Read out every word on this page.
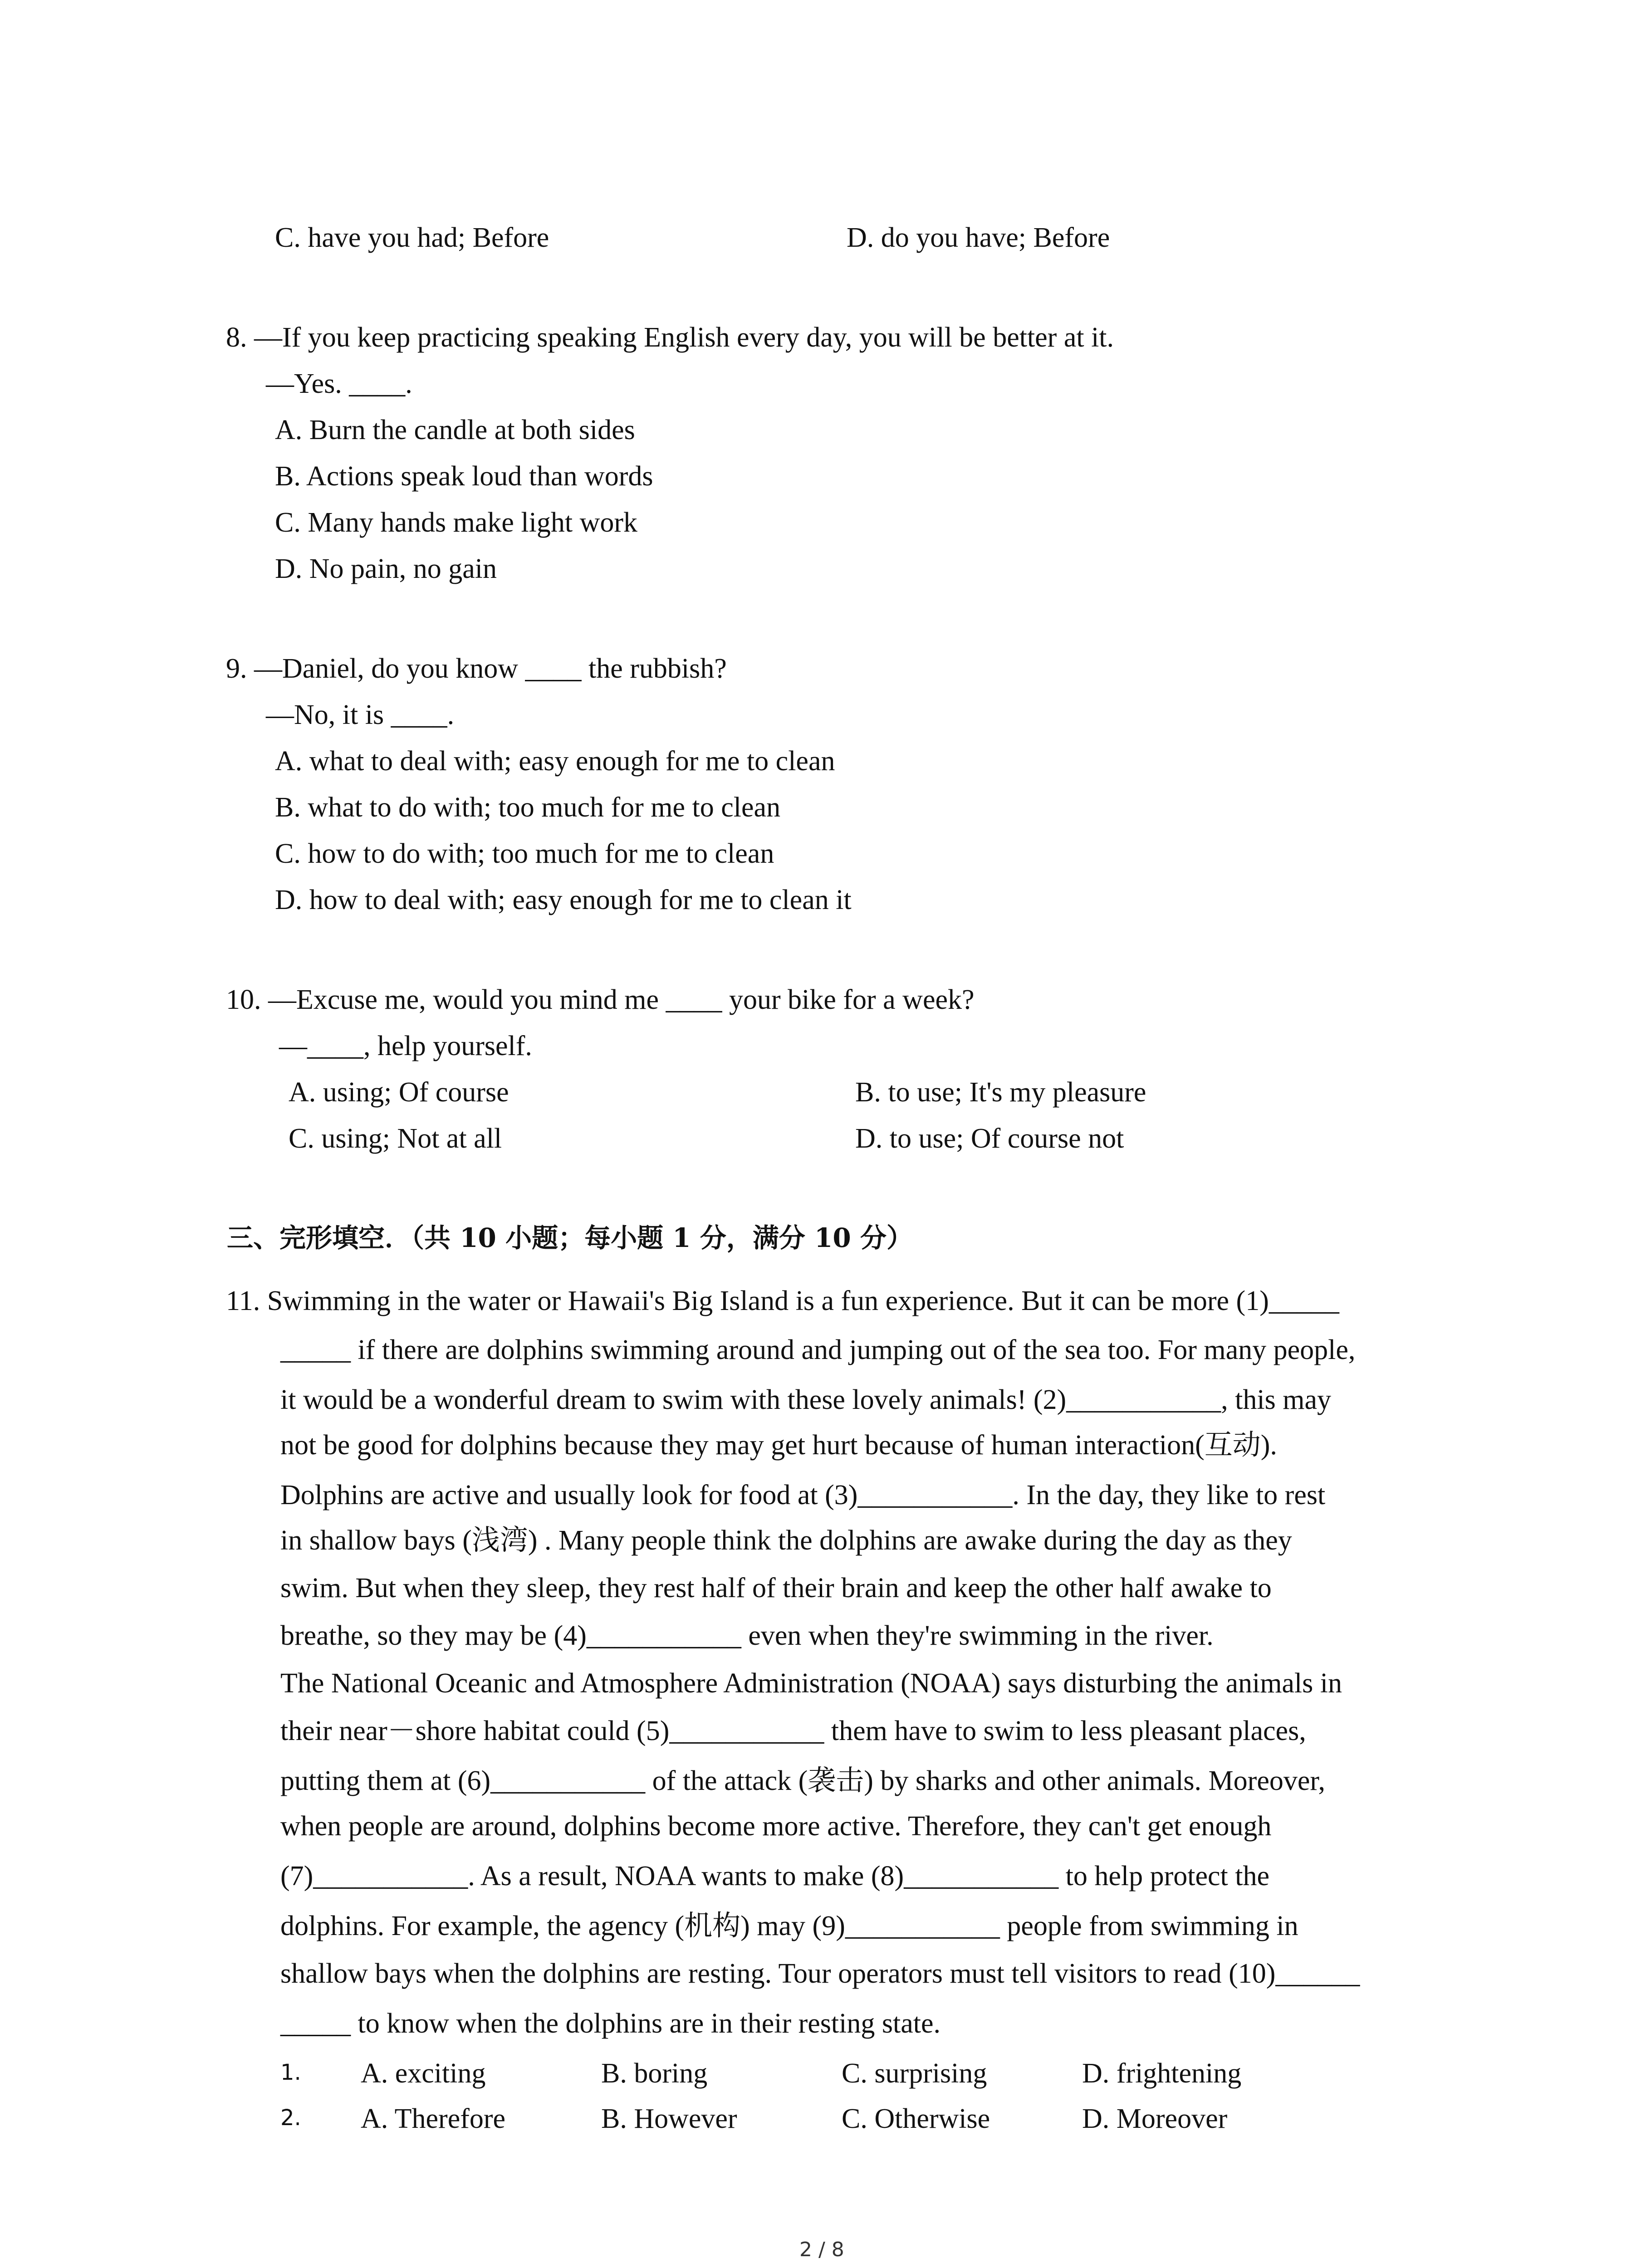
C. have you had; Before	D. do you have; Before
8. —If you keep practicing speaking English every day, you will be better at it.
—Yes. ____.
A. Burn the candle at both sides
B. Actions speak loud than words
C. Many hands make light work
D. No pain, no gain
9. —Daniel, do you know ____ the rubbish?
—No, it is ____.
A. what to deal with; easy enough for me to clean
B. what to do with; too much for me to clean
C. how to do with; too much for me to clean
D. how to deal with; easy enough for me to clean it
10. —Excuse me, would you mind me ____ your bike for a week?
—____, help yourself.
A. using; Of course	B. to use; It's my pleasure
C. using; Not at all	D. to use; Of course not
三、完形填空．（共 10 小题；每小题 1 分，满分 10 分）
11. Swimming in the water or Hawaii's Big Island is a fun experience. But it can be more (1)_____
_____ if there are dolphins swimming around and jumping out of the sea too. For many people,
it would be a wonderful dream to swim with these lovely animals! (2)___________, this may
not be good for dolphins because they may get hurt because of human interaction(互动).
Dolphins are active and usually look for food at (3)___________. In the day, they like to rest
in shallow bays (浅湾) . Many people think the dolphins are awake during the day as they
swim. But when they sleep, they rest half of their brain and keep the other half awake to
breathe, so they may be (4)___________ even when they're swimming in the river.
The National Oceanic and Atmosphere Administration (NOAA) says disturbing the animals in
their near－shore habitat could (5)___________ them have to swim to less pleasant places,
putting them at (6)___________ of the attack (袭击) by sharks and other animals. Moreover,
when people are around, dolphins become more active. Therefore, they can't get enough
(7)___________. As a result, NOAA wants to make (8)___________ to help protect the
dolphins. For example, the agency (机构) may (9)___________ people from swimming in
shallow bays when the dolphins are resting. Tour operators must tell visitors to read (10)______
_____ to know when the dolphins are in their resting state.
1. A. exciting	B. boring	C. surprising	D. frightening
2. A. Therefore	B. However	C. Otherwise	D. Moreover
2 / 8
